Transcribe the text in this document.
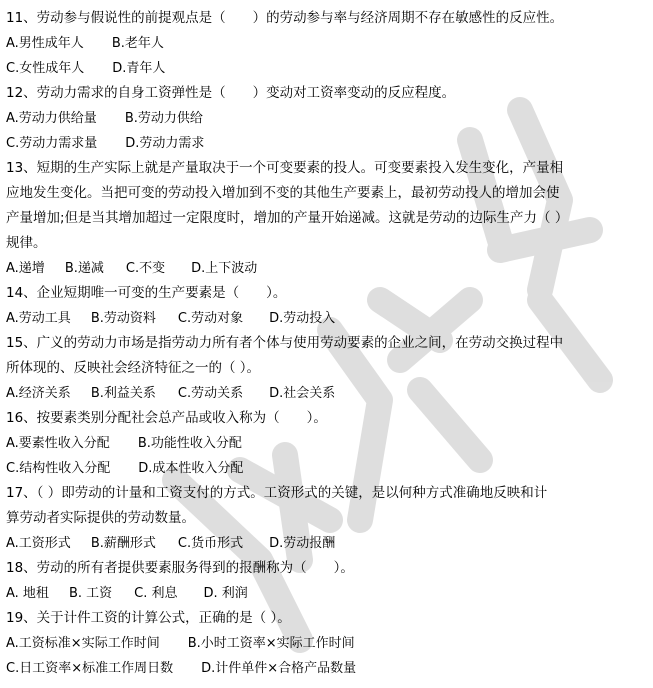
11、劳动参与假说性的前提观点是（　　）的劳动参与率与经济周期不存在敏感性的反应性。
A.男性成年人 B.老年人
C.女性成年人 D.青年人
12、劳动力需求的自身工资弹性是（　　）变动对工资率变动的反应程度。
A.劳动力供给量 B.劳动力供给
C.劳动力需求量 D.劳动力需求
13、短期的生产实际上就是产量取决于一个可变要素的投人。可变要素投入发生变化，产量相
应地发生变化。当把可变的劳动投入增加到不变的其他生产要素上，最初劳动投人的增加会使
产量增加;但是当其增加超过一定限度时，增加的产量开始递减。这就是劳动的边际生产力（ ）
规律。
A.递增 B.递减 C.不变 D.上下波动
14、企业短期唯一可变的生产要素是（　　）。
A.劳动工具 B.劳动资料 C.劳动对象 D.劳动投入
15、广义的劳动力市场是指劳动力所有者个体与使用劳动要素的企业之间，在劳动交换过程中
所体现的、反映社会经济特征之一的（ ）。
A.经济关系 B.利益关系 C.劳动关系 D.社会关系
16、按要素类别分配社会总产品或收入称为（　　）。
A.要素性收入分配 B.功能性收入分配
C.结构性收入分配 D.成本性收入分配
17、（ ）即劳动的计量和工资支付的方式。工资形式的关键，是以何种方式准确地反映和计
算劳动者实际提供的劳动数量。
A.工资形式 B.薪酬形式 C.货币形式 D.劳动报酬
18、劳动的所有者提供要素服务得到的报酬称为（　　）。
A. 地租 B. 工资 C. 利息 D. 利润
19、关于计件工资的计算公式，正确的是（ ）。
A.工资标准×实际工作时间 B.小时工资率×实际工作时间
C.日工资率×标准工作周日数 D.计件单件×合格产品数量
